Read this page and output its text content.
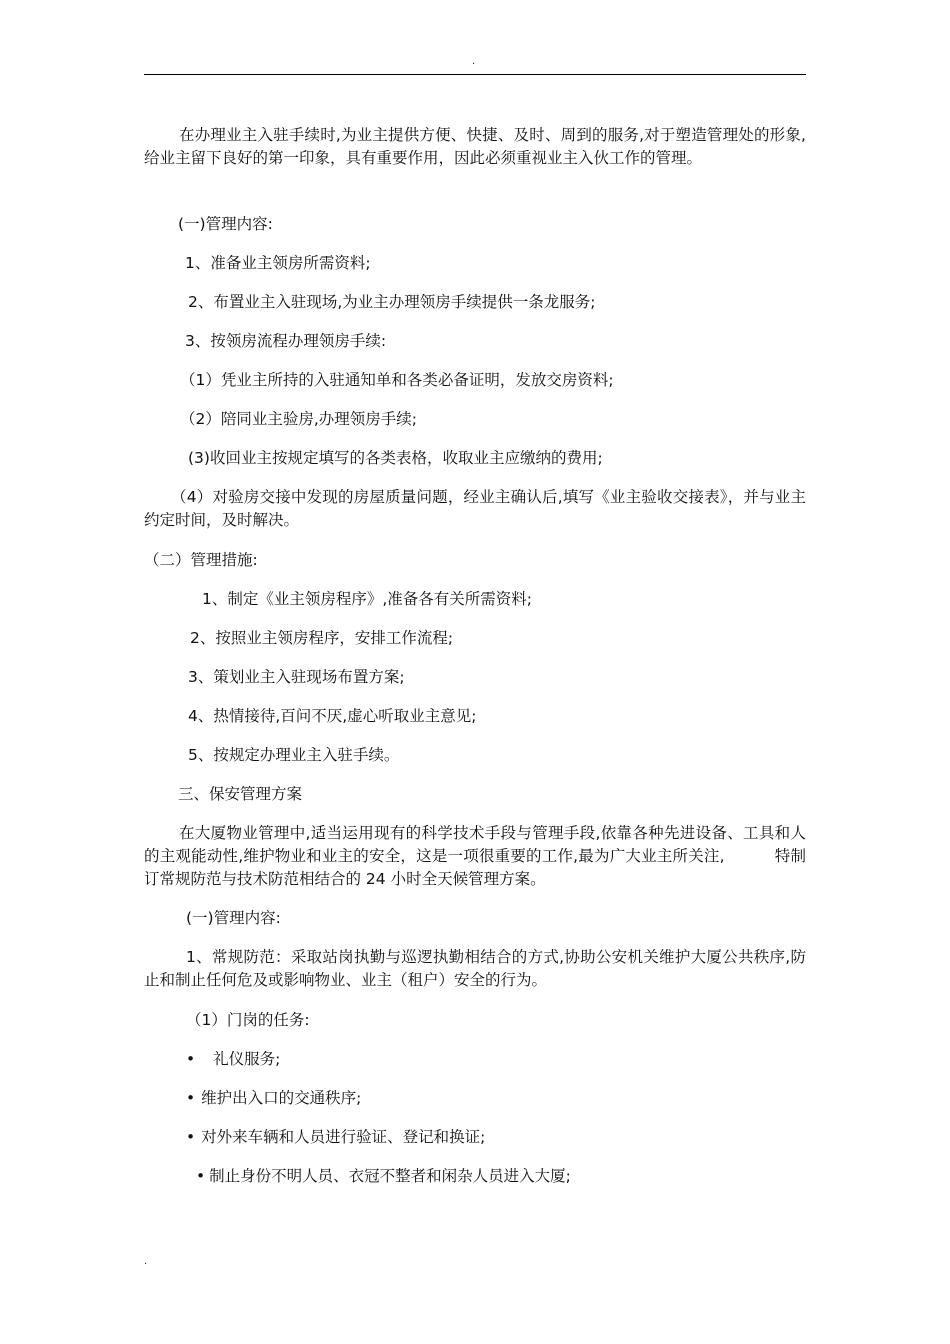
.

在办理业主入驻手续时,为业主提供方便、快捷、及时、周到的服务,对于塑造管理处的形象,给业主留下良好的第一印象，具有重要作用，因此必须重视业主入伙工作的管理。

(一)管理内容:
1、准备业主领房所需资料;
2、布置业主入驻现场,为业主办理领房手续提供一条龙服务;
3、按领房流程办理领房手续:
（1）凭业主所持的入驻通知单和各类必备证明，发放交房资料;
（2）陪同业主验房,办理领房手续;
(3)收回业主按规定填写的各类表格，收取业主应缴纳的费用;

（4）对验房交接中发现的房屋质量问题，经业主确认后,填写《业主验收交接表》，并与业主约定时间，及时解决。

（二）管理措施:
1、制定《业主领房程序》,准备各有关所需资料;
2、按照业主领房程序，安排工作流程;
3、策划业主入驻现场布置方案;
4、热情接待,百问不厌,虚心听取业主意见;
5、按规定办理业主入驻手续。
三、保安管理方案

在大厦物业管理中,适当运用现有的科学技术手段与管理手段,依靠各种先进设备、工具和人的主观能动性,维护物业和业主的安全，这是一项很重要的工作,最为广大业主所关注,	特制订常规防范与技术防范相结合的 24 小时全天候管理方案。

(一)管理内容:

1、常规防范：采取站岗执勤与巡逻执勤相结合的方式,协助公安机关维护大厦公共秩序,防止和制止任何危及或影响物业、业主（租户）安全的行为。

（1）门岗的任务:
• 礼仪服务;
• 维护出入口的交通秩序;
• 对外来车辆和人员进行验证、登记和换证;
• 制止身份不明人员、衣冠不整者和闲杂人员进入大厦;
.
